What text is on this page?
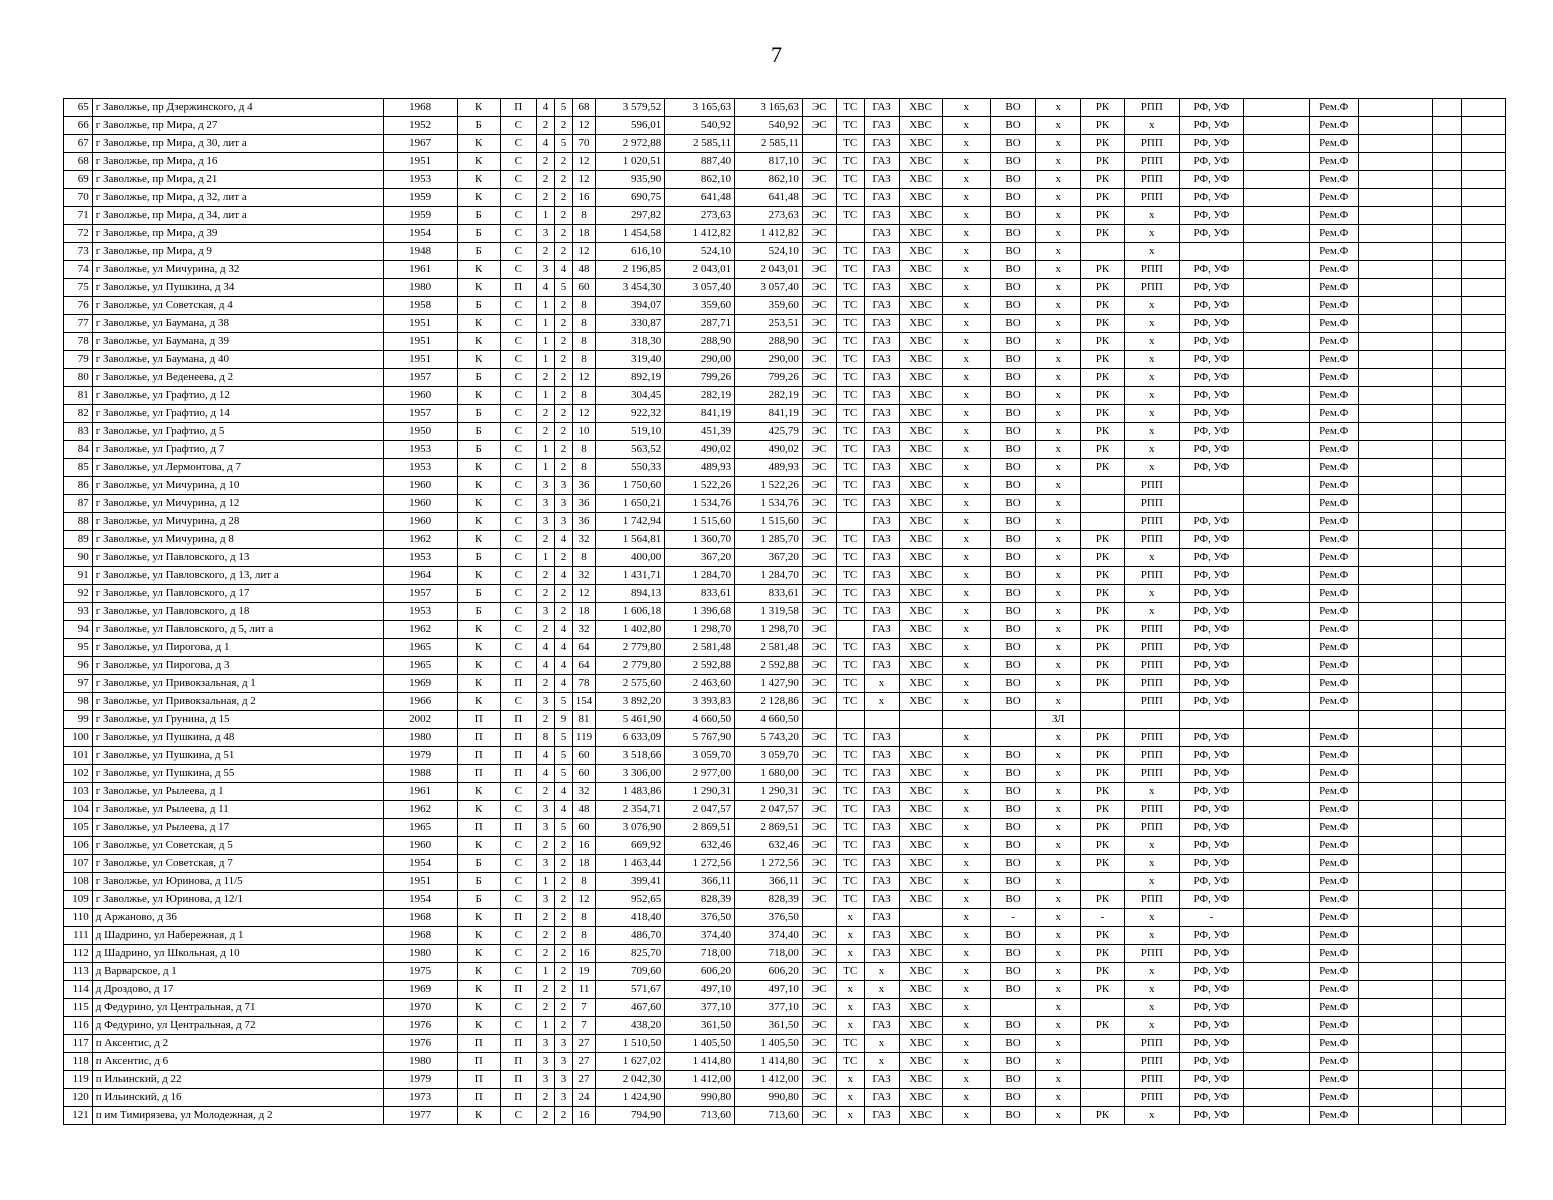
7
65	г Заволжье, пр Дзержинского, д 4	1968	К	П	4	5	68	3 579,52	3 165,63	3 165,63	ЭС	ТС	ГАЗ	ХВС	x	ВО	x	РК	РПП	РФ, УФ		Рем.Ф			
66	г Заволжье, пр Мира, д 27	1952	Б	С	2	2	12	596,01	540,92	540,92	ЭС	ТС	ГАЗ	ХВС	x	ВО	x	РК	x	РФ, УФ		Рем.Ф			
67	г Заволжье, пр Мира, д 30, лит а	1967	К	С	4	5	70	2 972,88	2 585,11	2 585,11		ТС	ГАЗ	ХВС	x	ВО	x	РК	РПП	РФ, УФ		Рем.Ф			
68	г Заволжье, пр Мира, д 16	1951	К	С	2	2	12	1 020,51	887,40	817,10	ЭС	ТС	ГАЗ	ХВС	x	ВО	x	РК	РПП	РФ, УФ		Рем.Ф			
69	г Заволжье, пр Мира, д 21	1953	К	С	2	2	12	935,90	862,10	862,10	ЭС	ТС	ГАЗ	ХВС	x	ВО	x	РК	РПП	РФ, УФ		Рем.Ф			
70	г Заволжье, пр Мира, д 32, лит а	1959	К	С	2	2	16	690,75	641,48	641,48	ЭС	ТС	ГАЗ	ХВС	x	ВО	x	РК	РПП	РФ, УФ		Рем.Ф			
71	г Заволжье, пр Мира, д 34, лит а	1959	Б	С	1	2	8	297,82	273,63	273,63	ЭС	ТС	ГАЗ	ХВС	x	ВО	x	РК	x	РФ, УФ		Рем.Ф			
72	г Заволжье, пр Мира, д 39	1954	Б	С	3	2	18	1 454,58	1 412,82	1 412,82	ЭС		ГАЗ	ХВС	x	ВО	x	РК	x	РФ, УФ		Рем.Ф			
73	г Заволжье, пр Мира, д 9	1948	Б	С	2	2	12	616,10	524,10	524,10	ЭС	ТС	ГАЗ	ХВС	x	ВО	x		x			Рем.Ф			
74	г Заволжье, ул Мичурина, д 32	1961	К	С	3	4	48	2 196,85	2 043,01	2 043,01	ЭС	ТС	ГАЗ	ХВС	x	ВО	x	РК	РПП	РФ, УФ		Рем.Ф			
75	г Заволжье, ул Пушкина, д 34	1980	К	П	4	5	60	3 454,30	3 057,40	3 057,40	ЭС	ТС	ГАЗ	ХВС	x	ВО	x	РК	РПП	РФ, УФ		Рем.Ф			
76	г Заволжье, ул Советская, д 4	1958	Б	С	1	2	8	394,07	359,60	359,60	ЭС	ТС	ГАЗ	ХВС	x	ВО	x	РК	x	РФ, УФ		Рем.Ф			
77	г Заволжье, ул Баумана, д 38	1951	К	С	1	2	8	330,87	287,71	253,51	ЭС	ТС	ГАЗ	ХВС	x	ВО	x	РК	x	РФ, УФ		Рем.Ф			
78	г Заволжье, ул Баумана, д 39	1951	К	С	1	2	8	318,30	288,90	288,90	ЭС	ТС	ГАЗ	ХВС	x	ВО	x	РК	x	РФ, УФ		Рем.Ф			
79	г Заволжье, ул Баумана, д 40	1951	К	С	1	2	8	319,40	290,00	290,00	ЭС	ТС	ГАЗ	ХВС	x	ВО	x	РК	x	РФ, УФ		Рем.Ф			
80	г Заволжье, ул Веденеева, д 2	1957	Б	С	2	2	12	892,19	799,26	799,26	ЭС	ТС	ГАЗ	ХВС	x	ВО	x	РК	x	РФ, УФ		Рем.Ф			
81	г Заволжье, ул Графтио, д 12	1960	К	С	1	2	8	304,45	282,19	282,19	ЭС	ТС	ГАЗ	ХВС	x	ВО	x	РК	x	РФ, УФ		Рем.Ф			
82	г Заволжье, ул Графтио, д 14	1957	Б	С	2	2	12	922,32	841,19	841,19	ЭС	ТС	ГАЗ	ХВС	x	ВО	x	РК	x	РФ, УФ		Рем.Ф			
83	г Заволжье, ул Графтио, д 5	1950	Б	С	2	2	10	519,10	451,39	425,79	ЭС	ТС	ГАЗ	ХВС	x	ВО	x	РК	x	РФ, УФ		Рем.Ф			
84	г Заволжье, ул Графтио, д 7	1953	Б	С	1	2	8	563,52	490,02	490,02	ЭС	ТС	ГАЗ	ХВС	x	ВО	x	РК	x	РФ, УФ		Рем.Ф			
85	г Заволжье, ул Лермонтова, д 7	1953	К	С	1	2	8	550,33	489,93	489,93	ЭС	ТС	ГАЗ	ХВС	x	ВО	x	РК	x	РФ, УФ		Рем.Ф			
86	г Заволжье, ул Мичурина, д 10	1960	К	С	3	3	36	1 750,60	1 522,26	1 522,26	ЭС	ТС	ГАЗ	ХВС	x	ВО	x		РПП			Рем.Ф			
87	г Заволжье, ул Мичурина, д 12	1960	К	С	3	3	36	1 650,21	1 534,76	1 534,76	ЭС	ТС	ГАЗ	ХВС	x	ВО	x		РПП			Рем.Ф			
88	г Заволжье, ул Мичурина, д 28	1960	К	С	3	3	36	1 742,94	1 515,60	1 515,60	ЭС		ГАЗ	ХВС	x	ВО	x		РПП	РФ, УФ		Рем.Ф			
89	г Заволжье, ул Мичурина, д 8	1962	К	С	2	4	32	1 564,81	1 360,70	1 285,70	ЭС	ТС	ГАЗ	ХВС	x	ВО	x	РК	РПП	РФ, УФ		Рем.Ф			
90	г Заволжье, ул Павловского, д 13	1953	Б	С	1	2	8	400,00	367,20	367,20	ЭС	ТС	ГАЗ	ХВС	x	ВО	x	РК	x	РФ, УФ		Рем.Ф			
91	г Заволжье, ул Павловского, д 13, лит а	1964	К	С	2	4	32	1 431,71	1 284,70	1 284,70	ЭС	ТС	ГАЗ	ХВС	x	ВО	x	РК	РПП	РФ, УФ		Рем.Ф			
92	г Заволжье, ул Павловского, д 17	1957	Б	С	2	2	12	894,13	833,61	833,61	ЭС	ТС	ГАЗ	ХВС	x	ВО	x	РК	x	РФ, УФ		Рем.Ф			
93	г Заволжье, ул Павловского, д 18	1953	Б	С	3	2	18	1 606,18	1 396,68	1 319,58	ЭС	ТС	ГАЗ	ХВС	x	ВО	x	РК	x	РФ, УФ		Рем.Ф			
94	г Заволжье, ул Павловского, д 5, лит а	1962	К	С	2	4	32	1 402,80	1 298,70	1 298,70	ЭС		ГАЗ	ХВС	x	ВО	x	РК	РПП	РФ, УФ		Рем.Ф			
95	г Заволжье, ул Пирогова, д 1	1965	К	С	4	4	64	2 779,80	2 581,48	2 581,48	ЭС	ТС	ГАЗ	ХВС	x	ВО	x	РК	РПП	РФ, УФ		Рем.Ф			
96	г Заволжье, ул Пирогова, д 3	1965	К	С	4	4	64	2 779,80	2 592,88	2 592,88	ЭС	ТС	ГАЗ	ХВС	x	ВО	x	РК	РПП	РФ, УФ		Рем.Ф			
97	г Заволжье, ул Привокзальная, д 1	1969	К	П	2	4	78	2 575,60	2 463,60	1 427,90	ЭС	ТС	x	ХВС	x	ВО	x	РК	РПП	РФ, УФ		Рем.Ф			
98	г Заволжье, ул Привокзальная, д 2	1966	К	С	3	5	154	3 892,20	3 393,83	2 128,86	ЭС	ТС	x	ХВС	x	ВО	x		РПП	РФ, УФ		Рем.Ф			
99	г Заволжье, ул Грунина, д 15	2002	П	П	2	9	81	5 461,90	4 660,50	4 660,50							ЗЛ								
100	г Заволжье, ул Пушкина, д 48	1980	П	П	8	5	119	6 633,09	5 767,90	5 743,20	ЭС	ТС	ГАЗ		x		x	РК	РПП	РФ, УФ		Рем.Ф			
101	г Заволжье, ул Пушкина, д 51	1979	П	П	4	5	60	3 518,66	3 059,70	3 059,70	ЭС	ТС	ГАЗ	ХВС	x	ВО	x	РК	РПП	РФ, УФ		Рем.Ф			
102	г Заволжье, ул Пушкина, д 55	1988	П	П	4	5	60	3 306,00	2 977,00	1 680,00	ЭС	ТС	ГАЗ	ХВС	x	ВО	x	РК	РПП	РФ, УФ		Рем.Ф			
103	г Заволжье, ул Рылеева, д 1	1961	К	С	2	4	32	1 483,86	1 290,31	1 290,31	ЭС	ТС	ГАЗ	ХВС	x	ВО	x	РК	x	РФ, УФ		Рем.Ф			
104	г Заволжье, ул Рылеева, д 11	1962	К	С	3	4	48	2 354,71	2 047,57	2 047,57	ЭС	ТС	ГАЗ	ХВС	x	ВО	x	РК	РПП	РФ, УФ		Рем.Ф			
105	г Заволжье, ул Рылеева, д 17	1965	П	П	3	5	60	3 076,90	2 869,51	2 869,51	ЭС	ТС	ГАЗ	ХВС	x	ВО	x	РК	РПП	РФ, УФ		Рем.Ф			
106	г Заволжье, ул Советская, д 5	1960	К	С	2	2	16	669,92	632,46	632,46	ЭС	ТС	ГАЗ	ХВС	x	ВО	x	РК	x	РФ, УФ		Рем.Ф			
107	г Заволжье, ул Советская, д 7	1954	Б	С	3	2	18	1 463,44	1 272,56	1 272,56	ЭС	ТС	ГАЗ	ХВС	x	ВО	x	РК	x	РФ, УФ		Рем.Ф			
108	г Заволжье, ул Юринова, д 11/5	1951	Б	С	1	2	8	399,41	366,11	366,11	ЭС	ТС	ГАЗ	ХВС	x	ВО	x		x	РФ, УФ		Рем.Ф			
109	г Заволжье, ул Юринова, д 12/1	1954	Б	С	3	2	12	952,65	828,39	828,39	ЭС	ТС	ГАЗ	ХВС	x	ВО	x	РК	РПП	РФ, УФ		Рем.Ф			
110	д Аржаново, д 36	1968	К	П	2	2	8	418,40	376,50	376,50		x	ГАЗ		x	-	x	-	x	-		Рем.Ф			
111	д Шадрино, ул Набережная, д 1	1968	К	С	2	2	8	486,70	374,40	374,40	ЭС	x	ГАЗ	ХВС	x	ВО	x	РК	x	РФ, УФ		Рем.Ф			
112	д Шадрино, ул Школьная, д 10	1980	К	С	2	2	16	825,70	718,00	718,00	ЭС	x	ГАЗ	ХВС	x	ВО	x	РК	РПП	РФ, УФ		Рем.Ф			
113	д Варварское, д 1	1975	К	С	1	2	19	709,60	606,20	606,20	ЭС	ТС	x	ХВС	x	ВО	x	РК	x	РФ, УФ		Рем.Ф			
114	д Дроздово, д 17	1969	К	П	2	2	11	571,67	497,10	497,10	ЭС	x	x	ХВС	x	ВО	x	РК	x	РФ, УФ		Рем.Ф			
115	д Федурино, ул Центральная, д 71	1970	К	С	2	2	7	467,60	377,10	377,10	ЭС	x	ГАЗ	ХВС	x		x		x	РФ, УФ		Рем.Ф			
116	д Федурино, ул Центральная, д 72	1976	К	С	1	2	7	438,20	361,50	361,50	ЭС	x	ГАЗ	ХВС	x	ВО	x	РК	x	РФ, УФ		Рем.Ф			
117	п Аксентис, д 2	1976	П	П	3	3	27	1 510,50	1 405,50	1 405,50	ЭС	ТС	x	ХВС	x	ВО	x		РПП	РФ, УФ		Рем.Ф			
118	п Аксентис, д 6	1980	П	П	3	3	27	1 627,02	1 414,80	1 414,80	ЭС	ТС	x	ХВС	x	ВО	x		РПП	РФ, УФ		Рем.Ф			
119	п Ильинский, д 22	1979	П	П	3	3	27	2 042,30	1 412,00	1 412,00	ЭС	x	ГАЗ	ХВС	x	ВО	x		РПП	РФ, УФ		Рем.Ф			
120	п Ильинский, д 16	1973	П	П	2	3	24	1 424,90	990,80	990,80	ЭС	x	ГАЗ	ХВС	x	ВО	x		РПП	РФ, УФ		Рем.Ф			
121	п им Тимирязева, ул Молодежная, д 2	1977	К	С	2	2	16	794,90	713,60	713,60	ЭС	x	ГАЗ	ХВС	x	ВО	x	РК	x	РФ, УФ		Рем.Ф			
